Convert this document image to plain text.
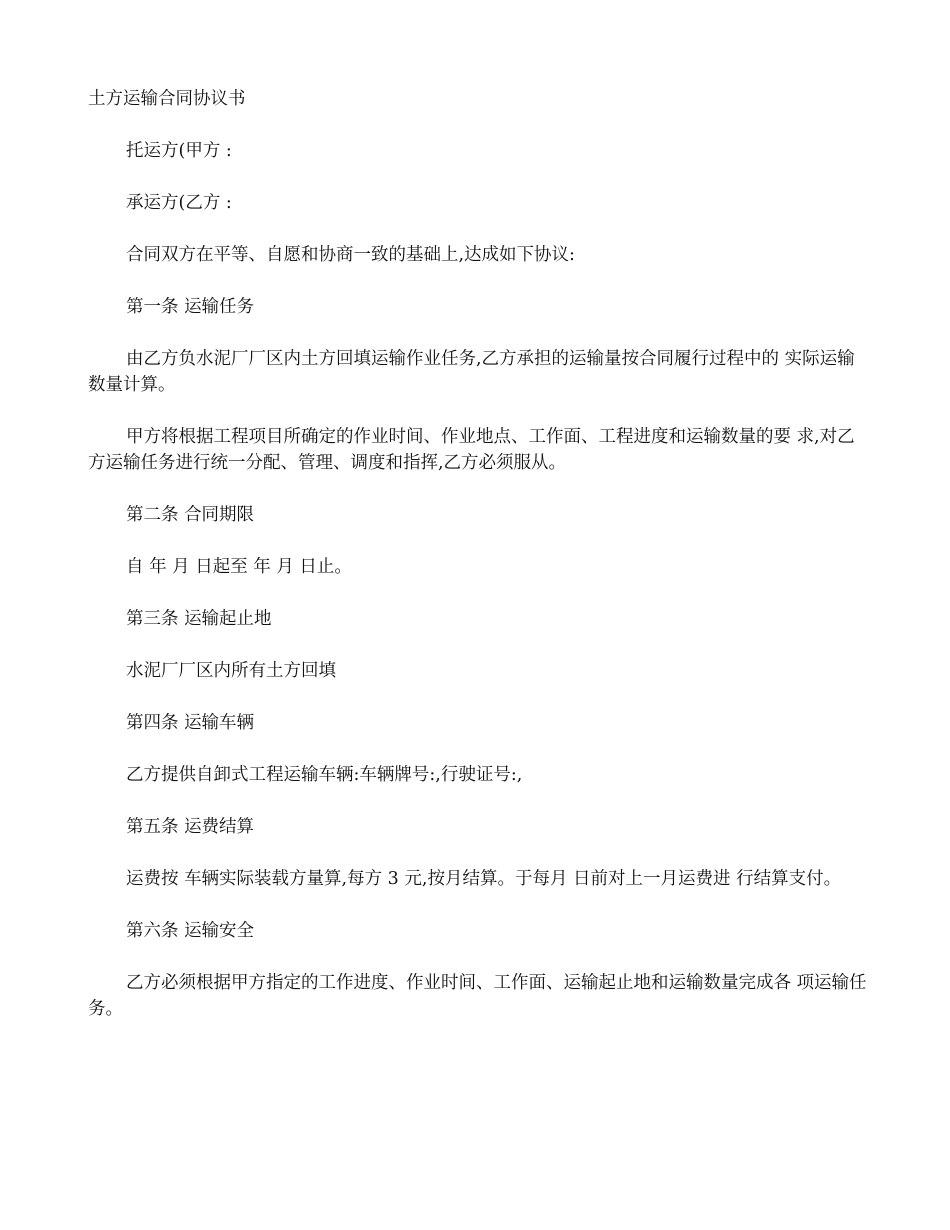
土方运输合同协议书

托运方(甲方 :

承运方(乙方 :

合同双方在平等、自愿和协商一致的基础上,达成如下协议:

第一条 运输任务

由乙方负水泥厂厂区内土方回填运输作业任务,乙方承担的运输量按合同履行过程中的 实际运输数量计算。

甲方将根据工程项目所确定的作业时间、作业地点、工作面、工程进度和运输数量的要 求,对乙方运输任务进行统一分配、管理、调度和指挥,乙方必须服从。

第二条 合同期限

自 年 月 日起至 年 月 日止。

第三条 运输起止地

水泥厂厂区内所有土方回填

第四条 运输车辆

乙方提供自卸式工程运输车辆:车辆牌号:,行驶证号:,

第五条 运费结算

运费按 车辆实际装载方量算,每方 3 元,按月结算。于每月 日前对上一月运费进 行结算支付。

第六条 运输安全

乙方必须根据甲方指定的工作进度、作业时间、工作面、运输起止地和运输数量完成各 项运输任务。
